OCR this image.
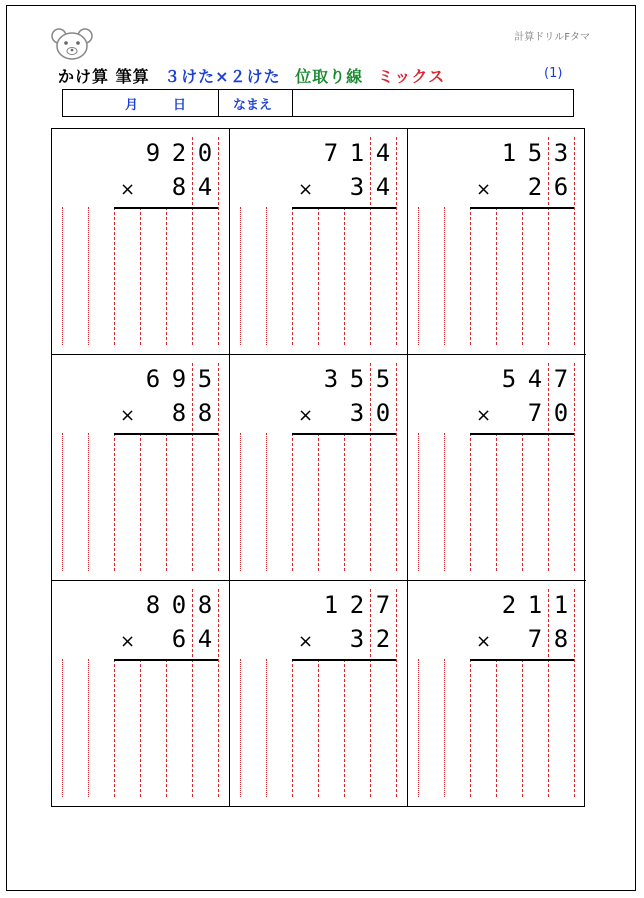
計算ドリルFタマ
かけ算 筆算 ３けた×２けた 位取り線 ミックス	(1)
月	日	なまえ
9 2 0
8 4
×
7 1 4
3 4
×
1 5 3
2 6
×
6 9 5
8 8
×
3 5 5
3 0
×
5 4 7
7 0
×
8 0 8
6 4
×
1 2 7
3 2
×
2 1 1
7 8
×
